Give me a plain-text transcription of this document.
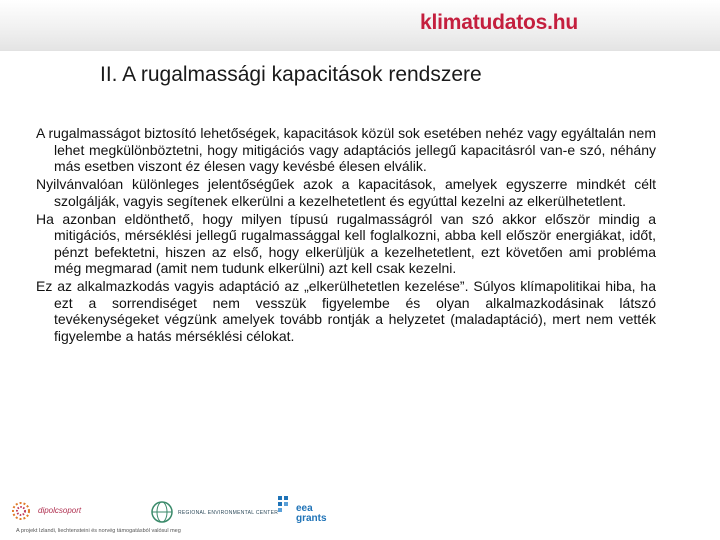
klimatudatos.hu
II. A rugalmassági kapacitások rendszere

A rugalmasságot biztosító lehetőségek, kapacitások közül sok esetében nehéz vagy egyáltalán nem lehet megkülönböztetni, hogy mitigációs vagy adaptációs jellegű kapacitásról van-e szó, néhány más esetben viszont éz élesen vagy kevésbé élesen elválik.

Nyilvánvalóan különleges jelentőségűek azok a kapacitások, amelyek egyszerre mindkét célt szolgálják, vagyis segítenek elkerülni a kezelhetetlent és egyúttal kezelni az elkerülhetetlent.

Ha azonban eldönthető, hogy milyen típusú rugalmasságról van szó akkor először mindig a mitigációs, mérséklési jellegű rugalmassággal kell foglalkozni, abba kell először energiákat, időt, pénzt befektetni, hiszen az első, hogy elkerüljük a kezelhetetlent, ezt követően ami probléma még megmarad (amit nem tudunk elkerülni) azt kell csak kezelni.

Ez az alkalmazkodás vagyis adaptáció az „elkerülhetetlen kezelése”. Súlyos klímapolitikai hiba, ha ezt a sorrendiséget nem vesszük figyelembe és olyan alkalmazkodásinak látszó tevékenységeket végzünk amelyek tovább rontják a helyzetet (maladaptáció), mert nem vették figyelembe a hatás mérséklési célokat.

dipolcsoport	REGIONAL ENVIRONMENTAL CENTER eea
grants
A projekt Izlandi, liechtensteini és norvég támogatásból valósul meg
